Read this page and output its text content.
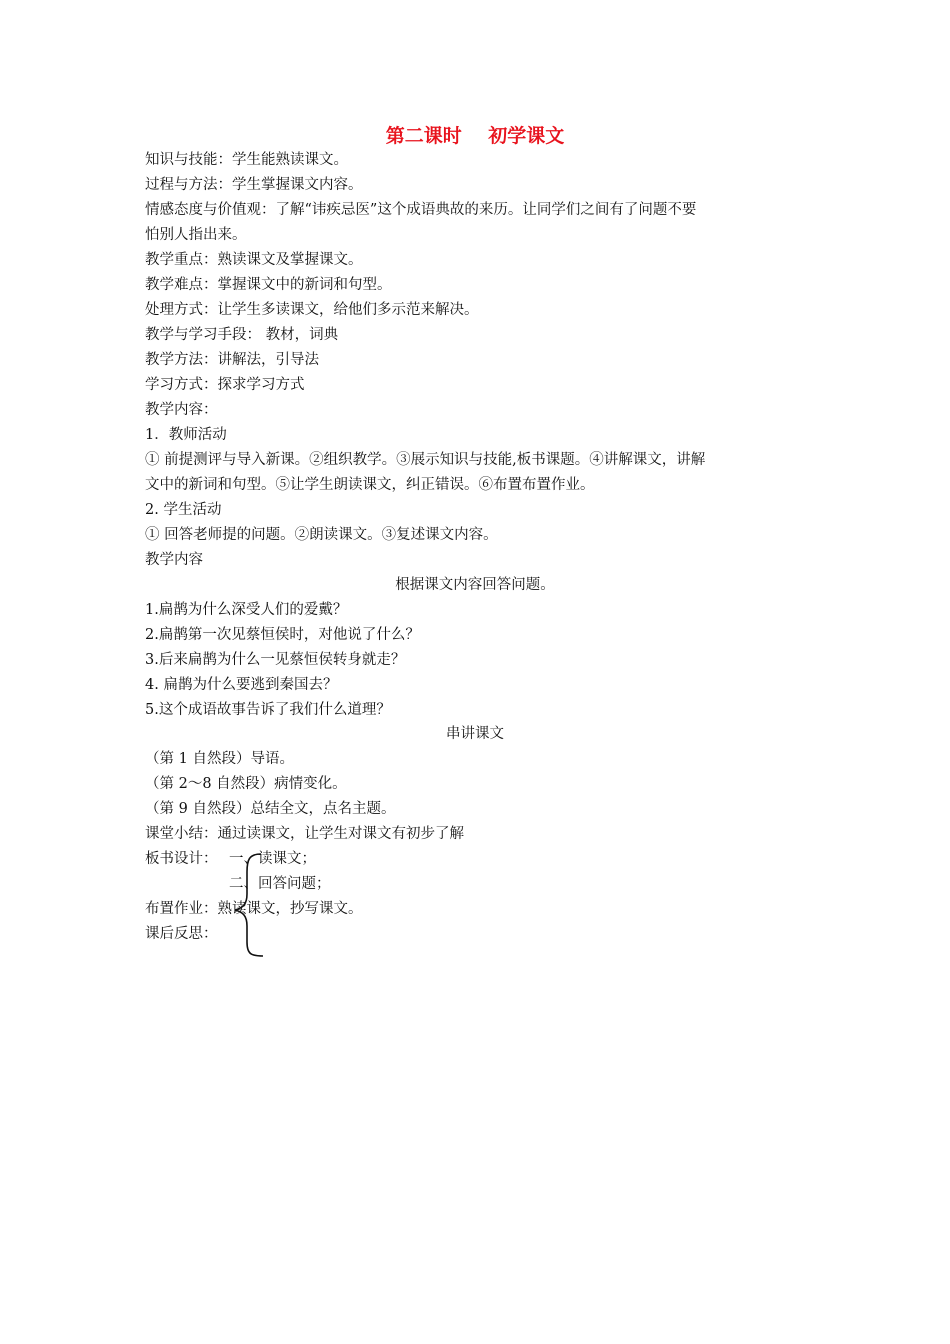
第二课时    初学课文
知识与技能：学生能熟读课文。
过程与方法：学生掌握课文内容。
情感态度与价值观：了解“讳疾忌医”这个成语典故的来历。让同学们之间有了问题不要
怕别人指出来。
教学重点：熟读课文及掌握课文。
教学难点：掌握课文中的新词和句型。
处理方式：让学生多读课文，给他们多示范来解决。
教学与学习手段： 教材，词典
教学方法：讲解法，引导法
学习方式：探求学习方式
教学内容：
1．教师活动
① 前提测评与导入新课。②组织教学。③展示知识与技能,板书课题。④讲解课文，讲解
文中的新词和句型。⑤让学生朗读课文，纠正错误。⑥布置布置作业。
2. 学生活动
① 回答老师提的问题。②朗读课文。③复述课文内容。
教学内容
根据课文内容回答问题。
1.扁鹊为什么深受人们的爱戴？
2.扁鹊第一次见蔡恒侯时，对他说了什么？
3.后来扁鹊为什么一见蔡恒侯转身就走？
4. 扁鹊为什么要逃到秦国去？
5.这个成语故事告诉了我们什么道理？
串讲课文
（第 1 自然段）导语。
（第 2～8 自然段）病情变化。
（第 9 自然段）总结全文，点名主题。
课堂小结：通过读课文，让学生对课文有初步了解
板书设计： 一、读课文；
二、回答问题；
布置作业：熟读课文，抄写课文。
课后反思：
